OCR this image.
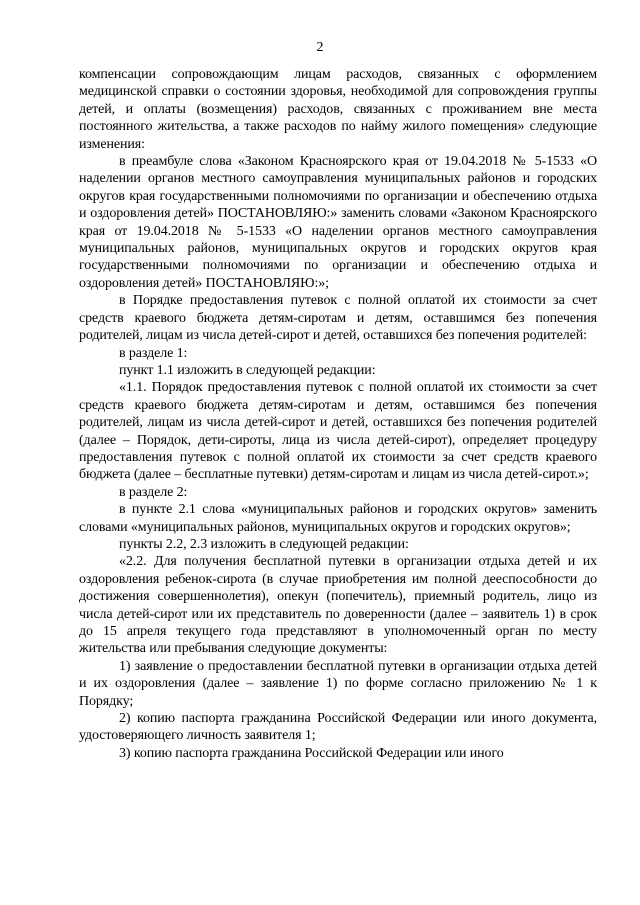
2

компенсации сопровождающим лицам расходов, связанных с оформлением медицинской справки о состоянии здоровья, необходимой для сопровождения группы детей, и оплаты (возмещения) расходов, связанных с проживанием вне места постоянного жительства, а также расходов по найму жилого помещения» следующие изменения:

в преамбуле слова «Законом Красноярского края от 19.04.2018 № 5-1533 «О наделении органов местного самоуправления муниципальных районов и городских округов края государственными полномочиями по организации и обеспечению отдыха и оздоровления детей» ПОСТАНОВЛЯЮ:» заменить словами «Законом Красноярского края от 19.04.2018 № 5-1533 «О наделении органов местного самоуправления муниципальных районов, муниципальных округов и городских округов края государственными полномочиями по организации и обеспечению отдыха и оздоровления детей» ПОСТАНОВЛЯЮ:»;

в Порядке предоставления путевок с полной оплатой их стоимости за счет средств краевого бюджета детям-сиротам и детям, оставшимся без попечения родителей, лицам из числа детей-сирот и детей, оставшихся без попечения родителей:

в разделе 1:

пункт 1.1 изложить в следующей редакции:

«1.1. Порядок предоставления путевок с полной оплатой их стоимости за счет средств краевого бюджета детям-сиротам и детям, оставшимся без попечения родителей, лицам из числа детей-сирот и детей, оставшихся без попечения родителей (далее – Порядок, дети-сироты, лица из числа детей-сирот), определяет процедуру предоставления путевок с полной оплатой их стоимости за счет средств краевого бюджета (далее – бесплатные путевки) детям-сиротам и лицам из числа детей-сирот.»;

в разделе 2:

в пункте 2.1 слова «муниципальных районов и городских округов» заменить словами «муниципальных районов, муниципальных округов и городских округов»;

пункты 2.2, 2.3 изложить в следующей редакции:

«2.2. Для получения бесплатной путевки в организации отдыха детей и их оздоровления ребенок-сирота (в случае приобретения им полной дееспособности до достижения совершеннолетия), опекун (попечитель), приемный родитель, лицо из числа детей-сирот или их представитель по доверенности (далее – заявитель 1) в срок до 15 апреля текущего года представляют в уполномоченный орган по месту жительства или пребывания следующие документы:

1) заявление о предоставлении бесплатной путевки в организации отдыха детей и их оздоровления (далее – заявление 1) по форме согласно приложению № 1 к Порядку;

2) копию паспорта гражданина Российской Федерации или иного документа, удостоверяющего личность заявителя 1;

3) копию паспорта гражданина Российской Федерации или иного
